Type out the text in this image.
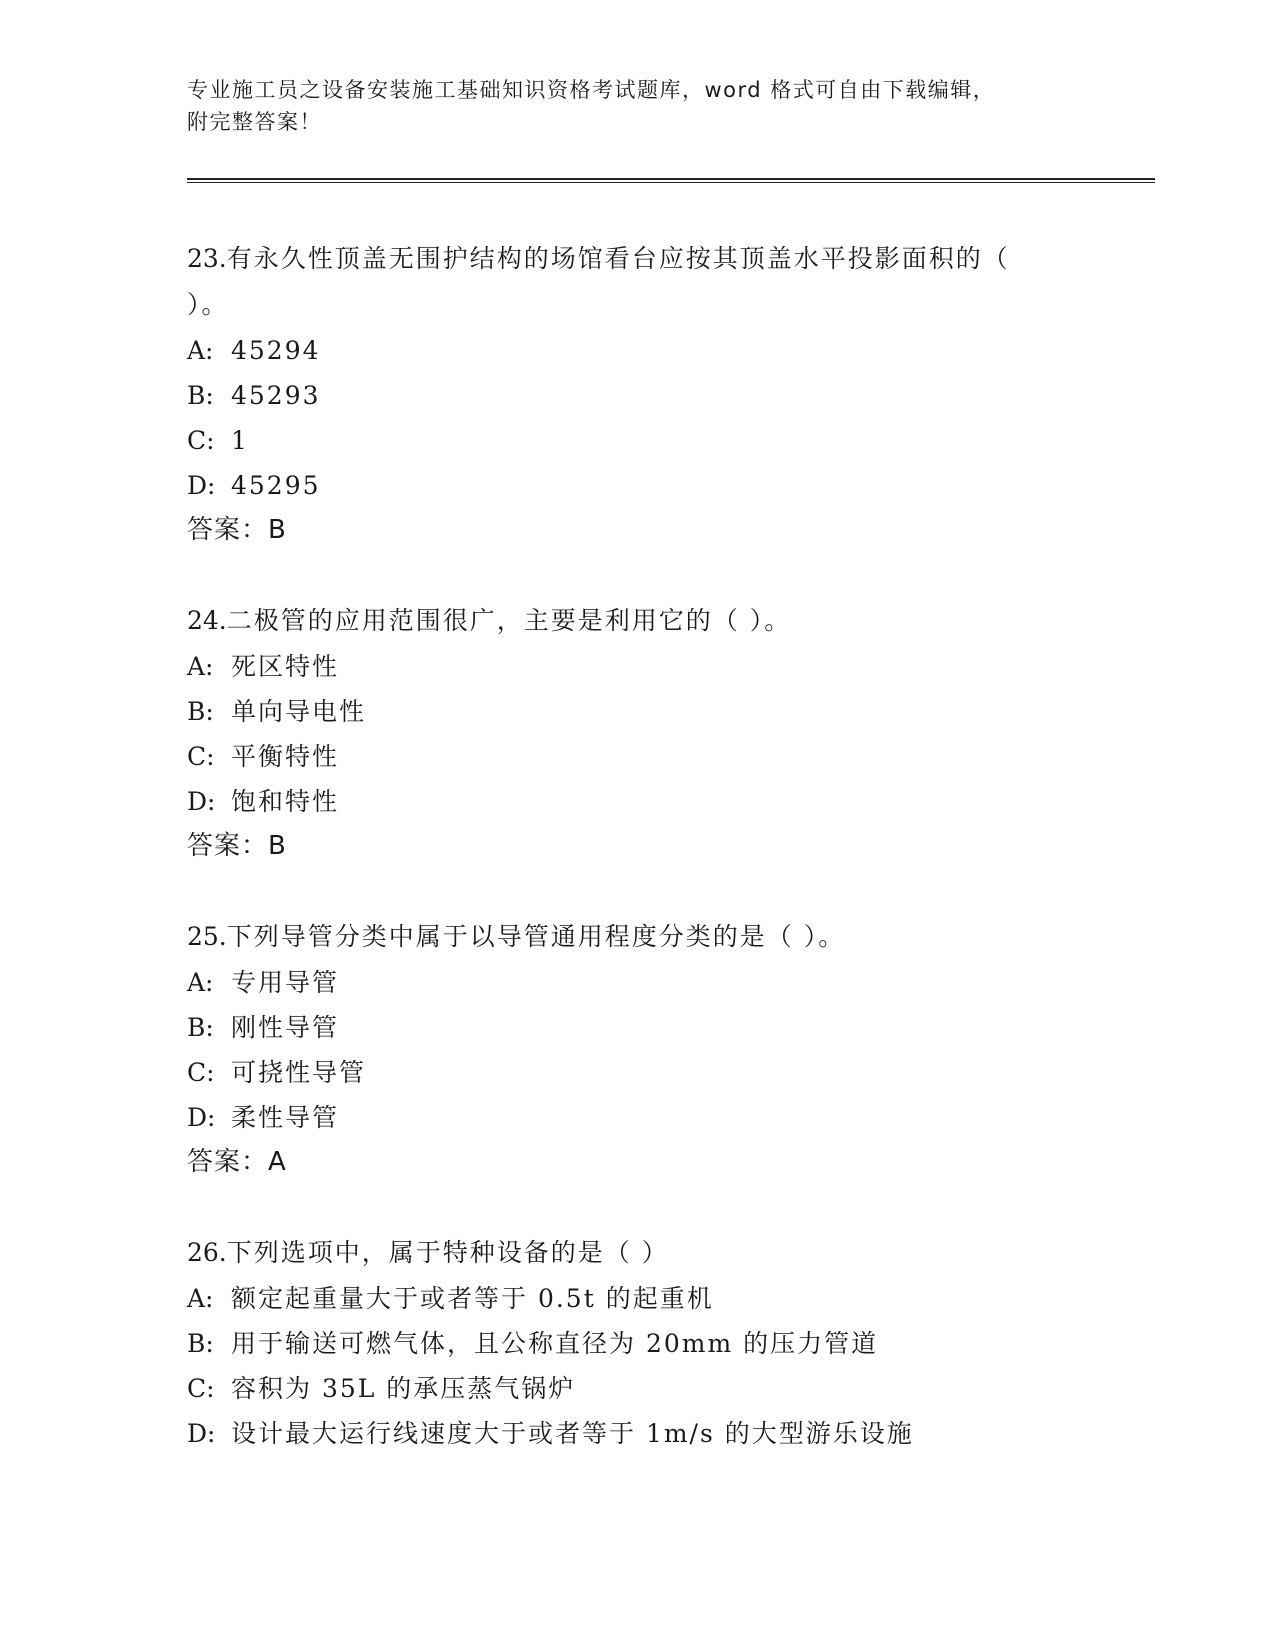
专业施工员之设备安装施工基础知识资格考试题库，word 格式可自由下载编辑，
附完整答案！

23.有永久性顶盖无围护结构的场馆看台应按其顶盖水平投影面积的（
）。

A: 45294
B: 45293
C: 1
D: 45295
答案：B

24.二极管的应用范围很广，主要是利用它的（ ）。

A: 死区特性
B: 单向导电性
C: 平衡特性
D: 饱和特性
答案：B

25.下列导管分类中属于以导管通用程度分类的是（ ）。

A: 专用导管
B: 刚性导管
C: 可挠性导管
D: 柔性导管
答案：A

26.下列选项中，属于特种设备的是（ ）

A: 额定起重量大于或者等于 0.5t 的起重机
B: 用于输送可燃气体，且公称直径为 20mm 的压力管道
C: 容积为 35L 的承压蒸气锅炉
D: 设计最大运行线速度大于或者等于 1m/s 的大型游乐设施
